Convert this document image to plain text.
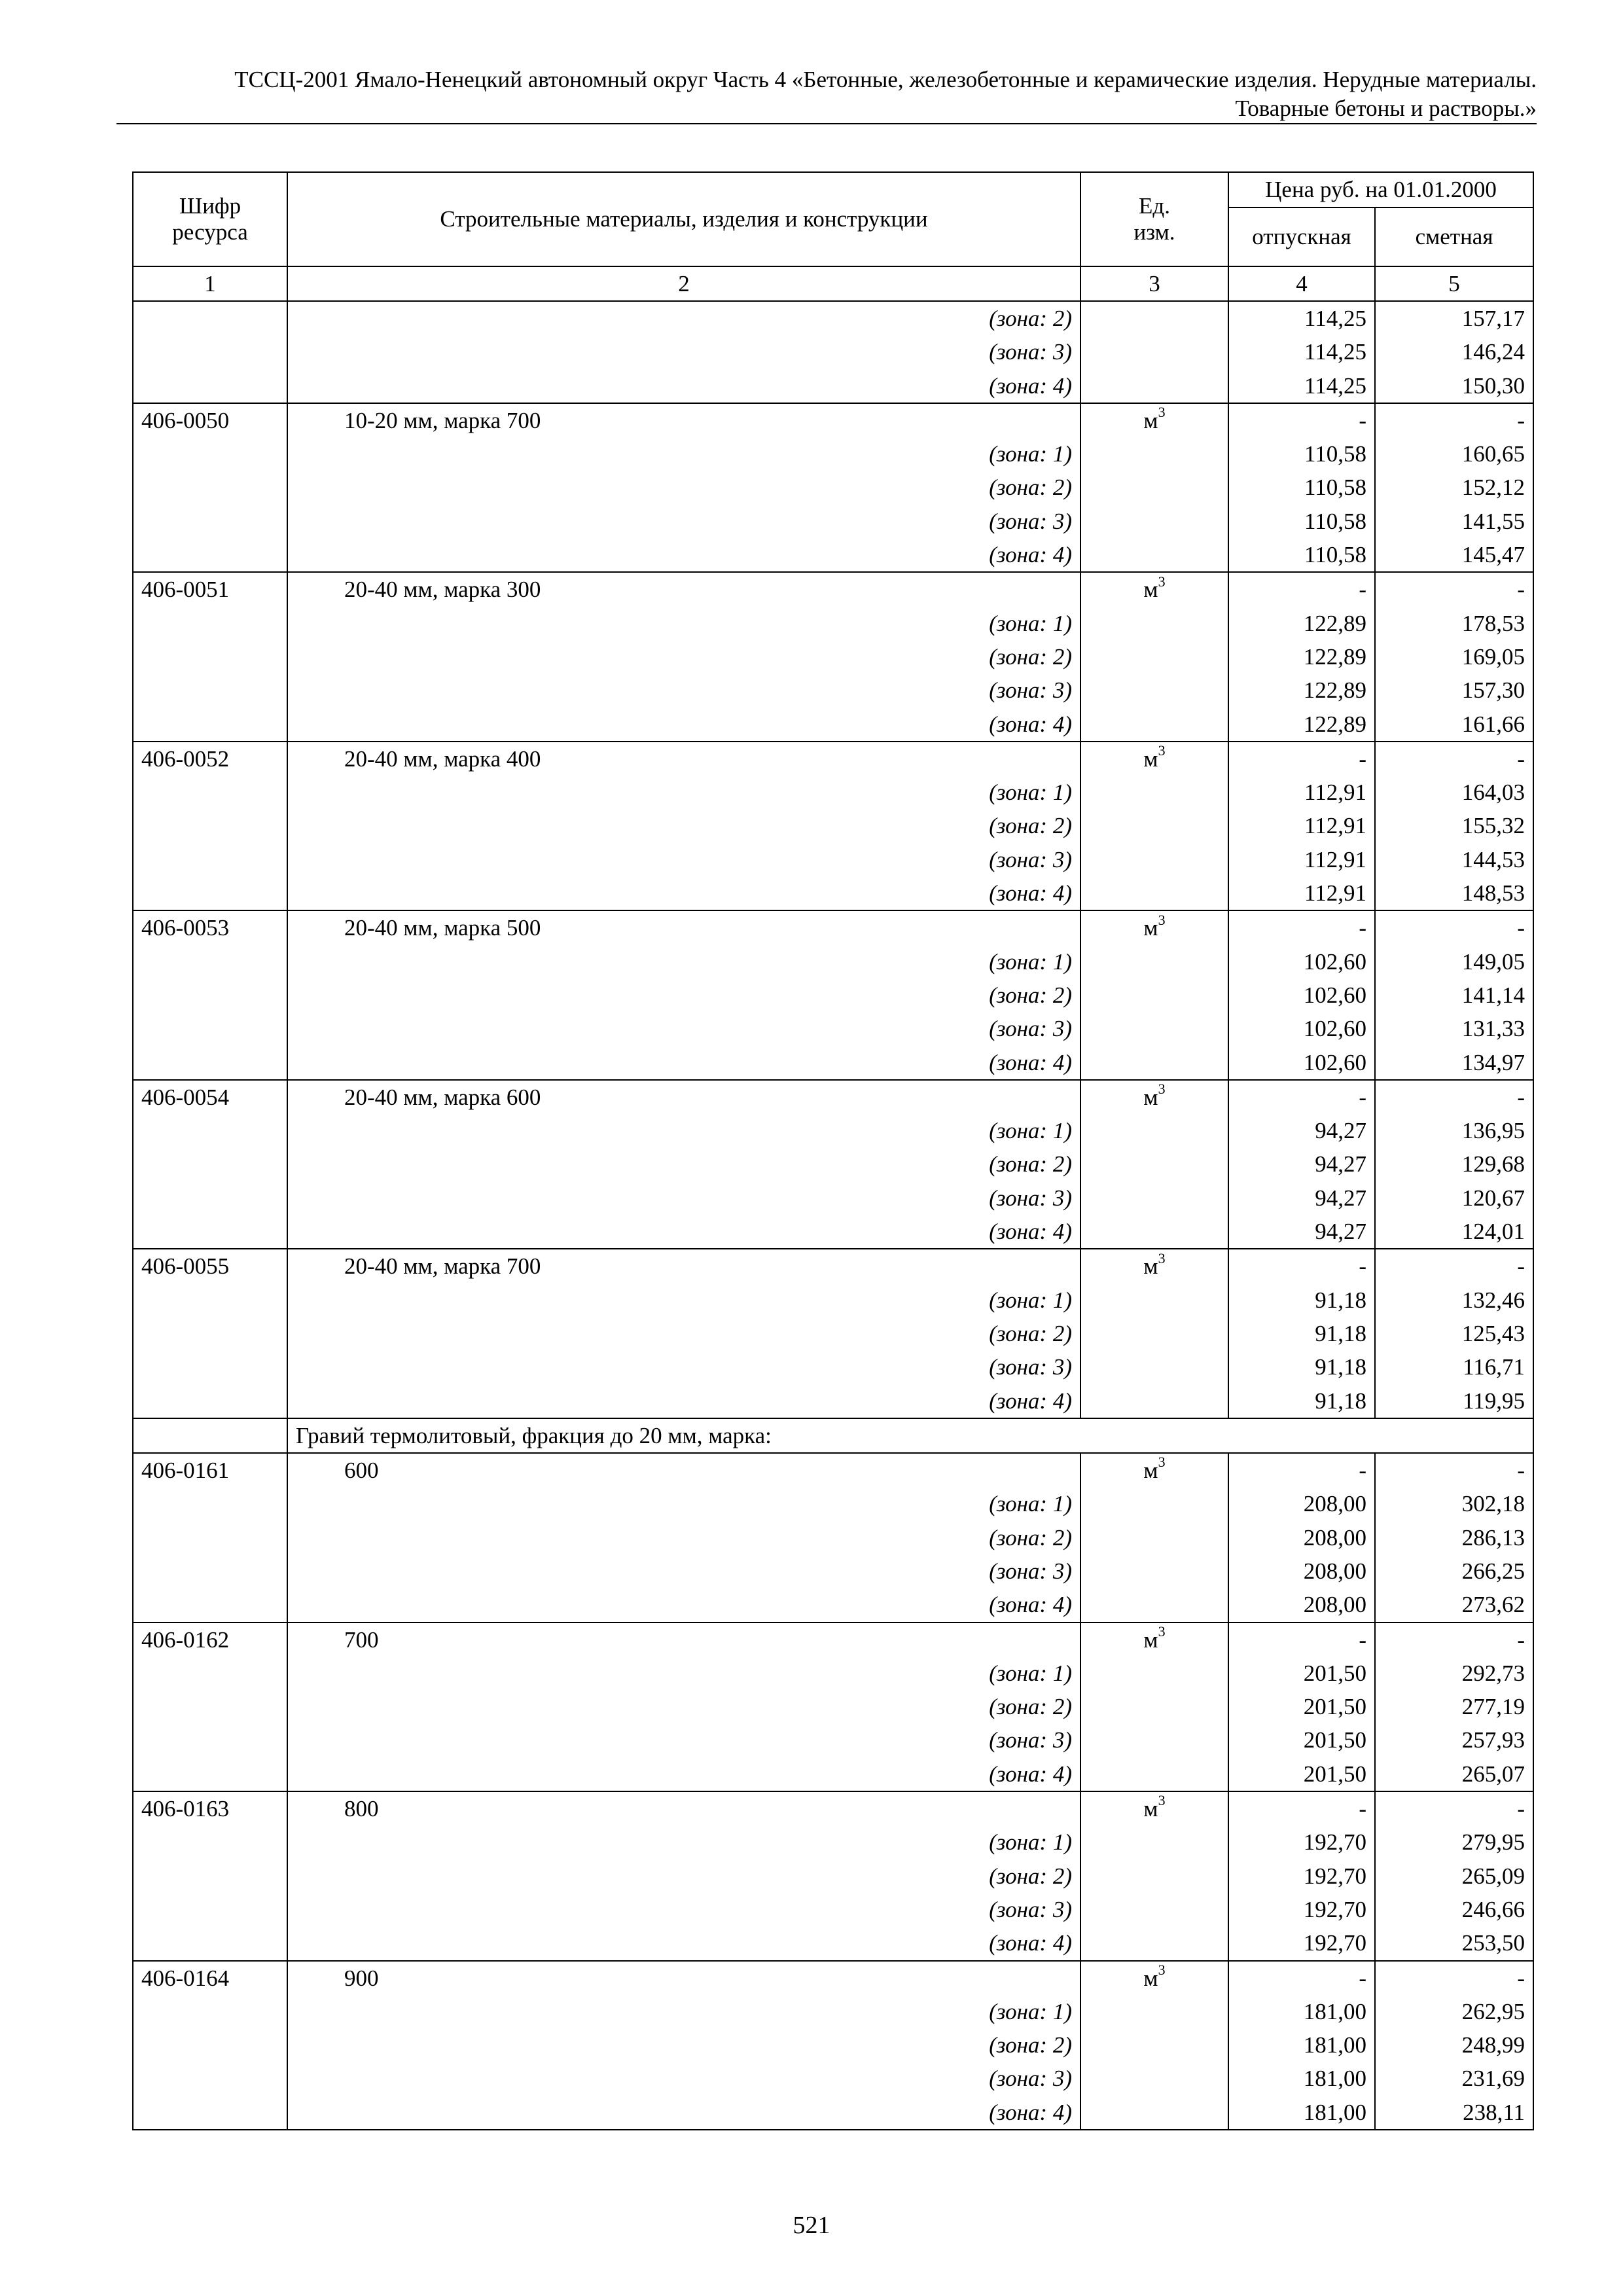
ТССЦ-2001 Ямало-Ненецкий автономный округ Часть 4 «Бетонные, железобетонные и керамические изделия. Нерудные материалы.
Товарные бетоны и растворы.»
Шифр ресурса	Строительные материалы, изделия и конструкции	Ед. изм.	Цена руб. на 01.01.2000	
			отпускная	сметная
1	2	3	4	5
	(зона: 2)		114,25	157,17
	(зона: 3)		114,25	146,24
	(зона: 4)		114,25	150,30
406-0050	10-20 мм, марка 700	$м^3$	-	-
	(зона: 1)		110,58	160,65
	(зона: 2)		110,58	152,12
	(зона: 3)		110,58	141,55
	(зона: 4)		110,58	145,47
406-0051	20-40 мм, марка 300	$м^3$	-	-
	(зона: 1)		122,89	178,53
	(зона: 2)		122,89	169,05
	(зона: 3)		122,89	157,30
	(зона: 4)		122,89	161,66
406-0052	20-40 мм, марка 400	$м^3$	-	-
	(зона: 1)		112,91	164,03
	(зона: 2)		112,91	155,32
	(зона: 3)		112,91	144,53
	(зона: 4)		112,91	148,53
406-0053	20-40 мм, марка 500	$м^3$	-	-
	(зона: 1)		102,60	149,05
	(зона: 2)		102,60	141,14
	(зона: 3)		102,60	131,33
	(зона: 4)		102,60	134,97
406-0054	20-40 мм, марка 600	$м^3$	-	-
	(зона: 1)		94,27	136,95
	(зона: 2)		94,27	129,68
	(зона: 3)		94,27	120,67
	(зона: 4)		94,27	124,01
406-0055	20-40 мм, марка 700	$м^3$	-	-
	(зона: 1)		91,18	132,46
	(зона: 2)		91,18	125,43
	(зона: 3)		91,18	116,71
	(зона: 4)		91,18	119,95
	Гравий термолитовый, фракция до 20 мм, марка:			
406-0161	600	$м^3$	-	-
	(зона: 1)		208,00	302,18
	(зона: 2)		208,00	286,13
	(зона: 3)		208,00	266,25
	(зона: 4)		208,00	273,62
406-0162	700	$м^3$	-	-
	(зона: 1)		201,50	292,73
	(зона: 2)		201,50	277,19
	(зона: 3)		201,50	257,93
	(зона: 4)		201,50	265,07
406-0163	800	$м^3$	-	-
	(зона: 1)		192,70	279,95
	(зона: 2)		192,70	265,09
	(зона: 3)		192,70	246,66
	(зона: 4)		192,70	253,50
406-0164	900	$м^3$	-	-
	(зона: 1)		181,00	262,95
	(зона: 2)		181,00	248,99
	(зона: 3)		181,00	231,69
	(зона: 4)		181,00	238,11
521
